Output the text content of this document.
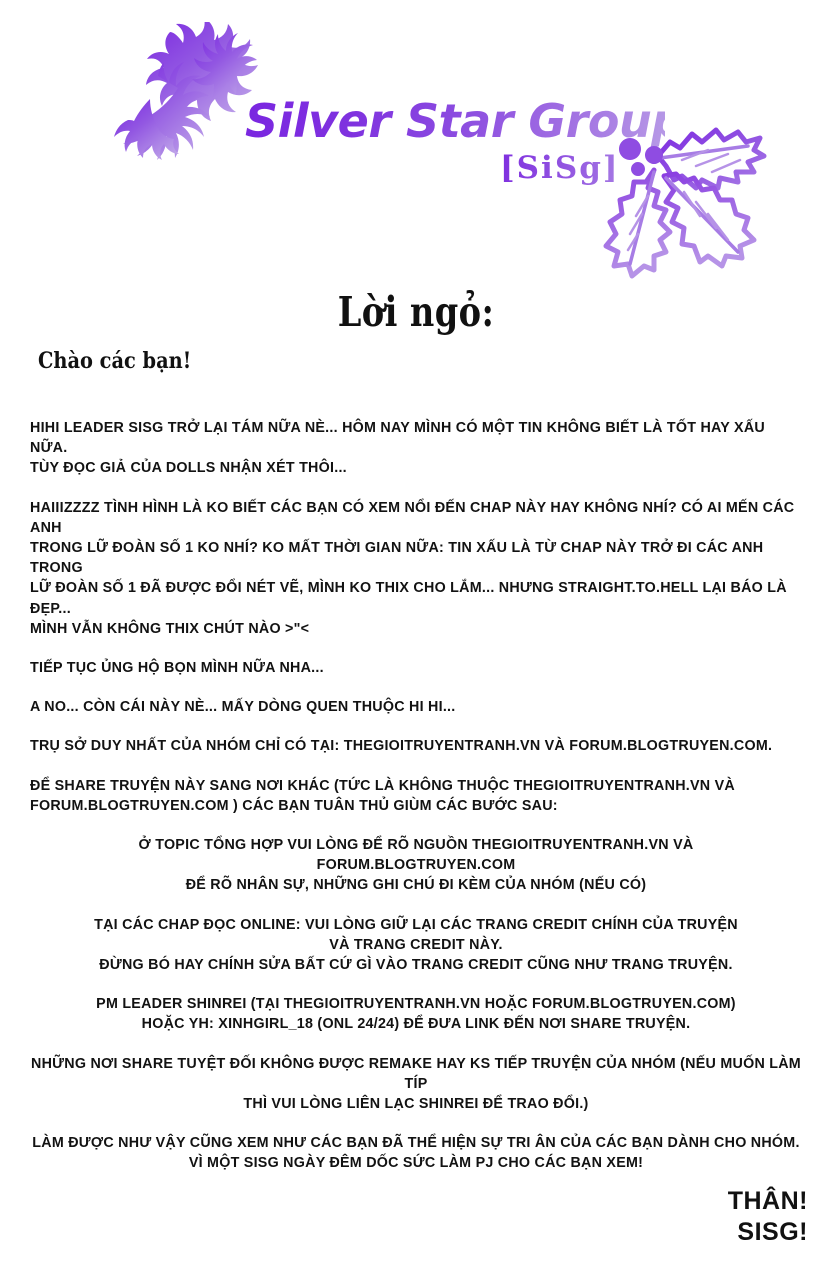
Silver Star Group
[SiSg]
Lời ngỏ:
Chào các bạn!

HIHI LEADER SISG TRỞ LẠI TÁM NỮA NÈ... HÔM NAY MÌNH CÓ MỘT TIN KHÔNG BIẾT LÀ TỐT HAY XẤU NỮA.
TÙY ĐỌC GIẢ CỦA DOLLS NHẬN XÉT THÔI...

HAIIIZZZZ TÌNH HÌNH LÀ KO BIẾT CÁC BẠN CÓ XEM NỔI ĐẾN CHAP NÀY HAY KHÔNG NHÍ? CÓ AI MẾN CÁC ANH
TRONG LỮ ĐOÀN SỐ 1 KO NHÍ? KO MẤT THỜI GIAN NỮA: TIN XẤU LÀ TỪ CHAP NÀY TRỞ ĐI CÁC ANH TRONG
LỮ ĐOÀN SỐ 1 ĐÃ ĐƯỢC ĐỔI NÉT VẼ, MÌNH KO THIX CHO LẮM... NHƯNG STRAIGHT.TO.HELL LẠI BÁO LÀ ĐẸP...
MÌNH VẪN KHÔNG THIX CHÚT NÀO >"<

TIẾP TỤC ỦNG HỘ BỌN MÌNH NỮA NHA...

A NO... CÒN CÁI NÀY NÈ... MẤY DÒNG QUEN THUỘC HI HI...

TRỤ SỞ DUY NHẤT CỦA NHÓM CHỈ CÓ TẠI: THEGIOITRUYENTRANH.VN VÀ FORUM.BLOGTRUYEN.COM.

ĐỂ SHARE TRUYỆN NÀY SANG NƠI KHÁC (TỨC LÀ KHÔNG THUỘC THEGIOITRUYENTRANH.VN VÀ
FORUM.BLOGTRUYEN.COM ) CÁC BẠN TUÂN THỦ GIÙM CÁC BƯỚC SAU:

Ở TOPIC TỔNG HỢP VUI LÒNG ĐỂ RÕ NGUỒN THEGIOITRUYENTRANH.VN VÀ
FORUM.BLOGTRUYEN.COM
ĐỂ RÕ NHÂN SỰ, NHỮNG GHI CHÚ ĐI KÈM CỦA NHÓM (NẾU CÓ)

TẠI CÁC CHAP ĐỌC ONLINE: VUI LÒNG GIỮ LẠI CÁC TRANG CREDIT CHÍNH CỦA TRUYỆN
VÀ TRANG CREDIT NÀY.
ĐỪNG BÓ HAY CHÍNH SỬA BẤT CỨ GÌ VÀO TRANG CREDIT CŨNG NHƯ TRANG TRUYỆN.

PM LEADER SHINREI (TẠI THEGIOITRUYENTRANH.VN HOẶC FORUM.BLOGTRUYEN.COM)
HOẶC YH: XINHGIRL_18 (ONL 24/24) ĐỂ ĐƯA LINK ĐẾN NƠI SHARE TRUYỆN.

NHỮNG NƠI SHARE TUYỆT ĐỐI KHÔNG ĐƯỢC REMAKE HAY KS TIẾP TRUYỆN CỦA NHÓM (NẾU MUỐN LÀM TÍP
THÌ VUI LÒNG LIÊN LẠC SHINREI ĐỂ TRAO ĐỔI.)

LÀM ĐƯỢC NHƯ VẬY CŨNG XEM NHƯ CÁC BẠN ĐÃ THỂ HIỆN SỰ TRI ÂN CỦA CÁC BẠN DÀNH CHO NHÓM.
VÌ MỘT SISG NGÀY ĐÊM DỐC SỨC LÀM PJ CHO CÁC BẠN XEM!

THÂN!
SISG!
